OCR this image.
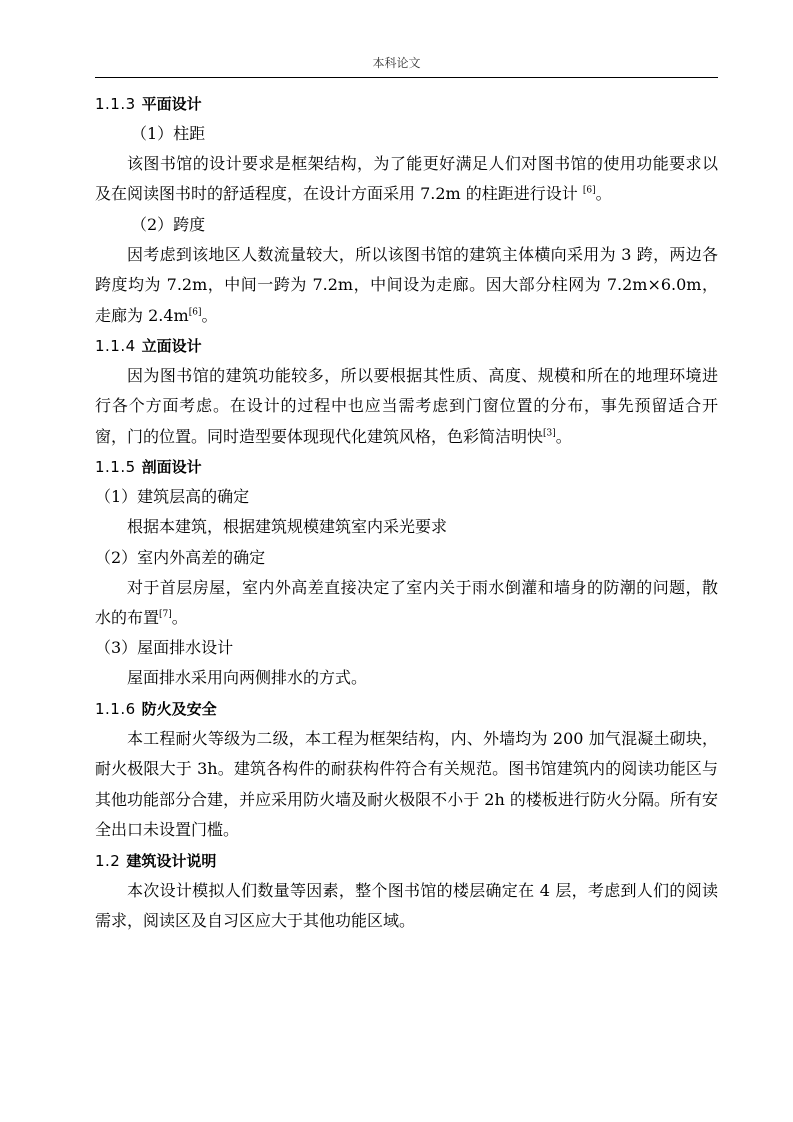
本科论文
1.1.3 平面设计
（1）柱距

该图书馆的设计要求是框架结构，为了能更好满足人们对图书馆的使用功能要求以及在阅读图书时的舒适程度，在设计方面采用 7.2m 的柱距进行设计 [6]。

（2）跨度

因考虑到该地区人数流量较大，所以该图书馆的建筑主体横向采用为 3 跨，两边各跨度均为 7.2m，中间一跨为 7.2m，中间设为走廊。因大部分柱网为 7.2m×6.0m，走廊为 2.4m[6]。

1.1.4 立面设计

因为图书馆的建筑功能较多，所以要根据其性质、高度、规模和所在的地理环境进行各个方面考虑。在设计的过程中也应当需考虑到门窗位置的分布，事先预留适合开窗，门的位置。同时造型要体现现代化建筑风格，色彩简洁明快[3]。

1.1.5 剖面设计
（1）建筑层高的确定

根据本建筑，根据建筑规模建筑室内采光要求

（2）室内外高差的确定

对于首层房屋，室内外高差直接决定了室内关于雨水倒灌和墙身的防潮的问题，散水的布置[7]。

（3）屋面排水设计

屋面排水采用向两侧排水的方式。

1.1.6 防火及安全

本工程耐火等级为二级，本工程为框架结构，内、外墙均为 200 加气混凝土砌块，耐火极限大于 3h。建筑各构件的耐获构件符合有关规范。图书馆建筑内的阅读功能区与其他功能部分合建，并应采用防火墙及耐火极限不小于 2h 的楼板进行防火分隔。所有安全出口未设置门槛。

1.2 建筑设计说明

本次设计模拟人们数量等因素，整个图书馆的楼层确定在 4 层，考虑到人们的阅读需求，阅读区及自习区应大于其他功能区域。
